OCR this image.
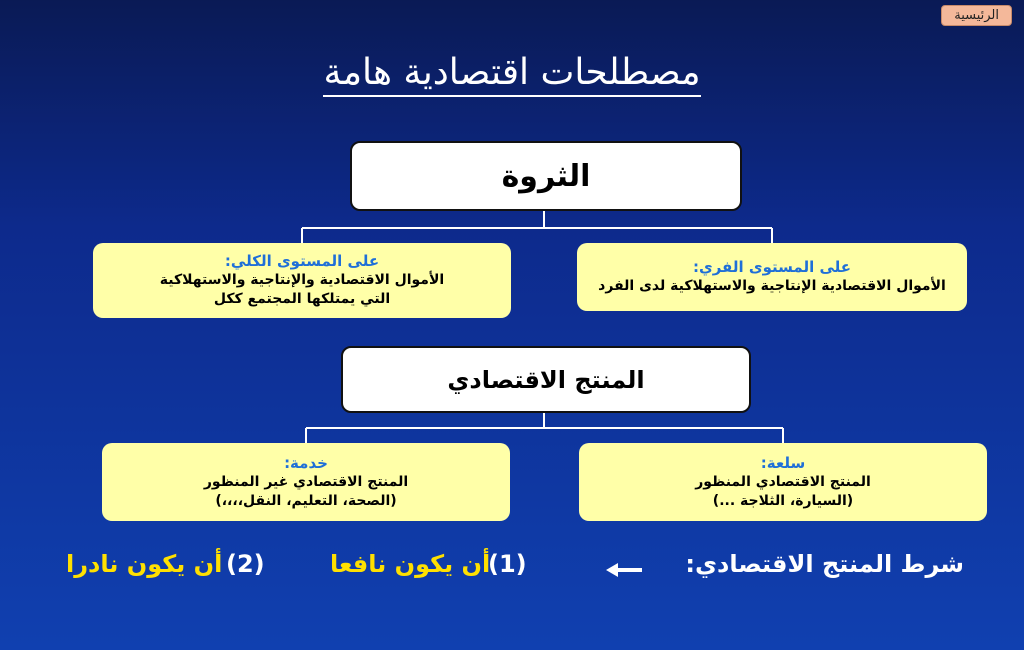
الرئيسية
مصطلحات اقتصادية هامة
الثروة
على المستوى الفري:
الأموال الاقتصادية الإنتاجية والاستهلاكية لدى الفرد
على المستوى الكلي:
الأموال الاقتصادية والإنتاجية والاستهلاكية
التي يمتلكها المجتمع ككل
المنتج الاقتصادي
سلعة:
المنتج الاقتصادي المنظور
(السيارة، الثلاجة ...)
خدمة:
المنتج الاقتصادي غير المنظور
(الصحة، التعليم، النقل،،،،)
شرط المنتج الاقتصادي:
(1)
أن يكون نافعا
(2)
أن يكون نادرا
